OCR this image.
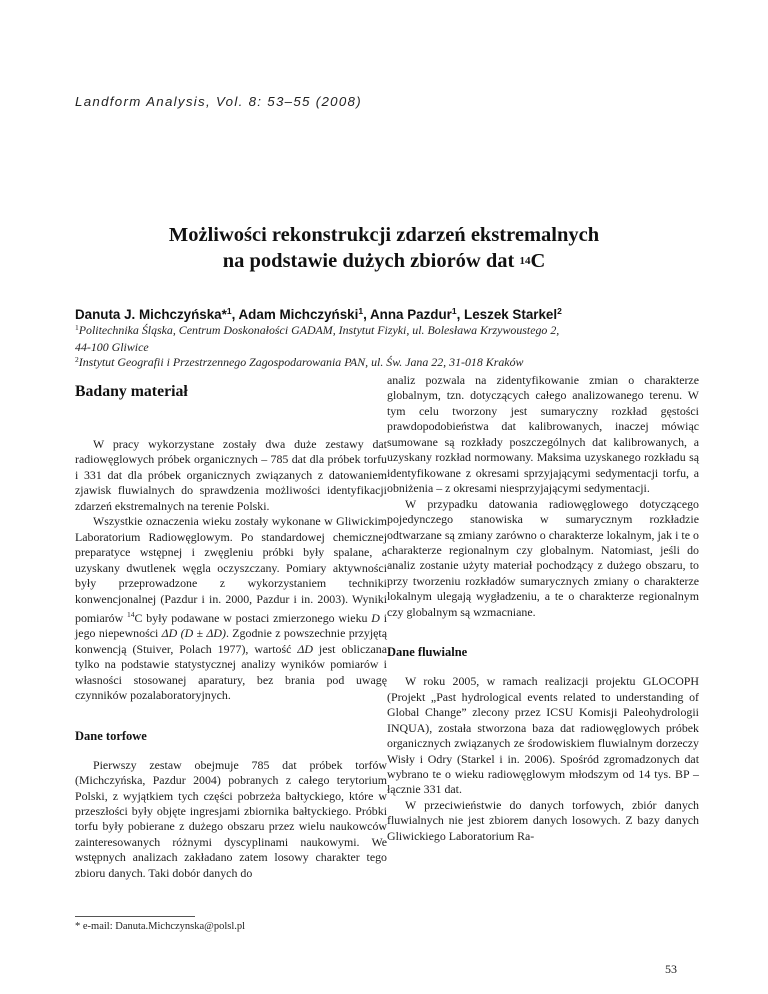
Landform Analysis, Vol. 8: 53–55 (2008)
Możliwości rekonstrukcji zdarzeń ekstremalnych
na podstawie dużych zbiorów dat $^{14}$C
Danuta J. Michczyńska*$^1$, Adam Michczyński$^1$, Anna Pazdur$^1$, Leszek Starkel$^2$
$^1$Politechnika Śląska, Centrum Doskonałości GADAM, Instytut Fizyki, ul. Bolesława Krzywoustego 2,
44-100 Gliwice
$^2$Instytut Geografii i Przestrzennego Zagospodarowania PAN, ul. Św. Jana 22, 31-018 Kraków
Badany materiał

W pracy wykorzystane zostały dwa duże zestawy dat radiowęglowych próbek organicznych – 785 dat dla próbek torfu i 331 dat dla próbek organicznych związanych z datowaniem zjawisk fluwialnych do sprawdzenia możliwości identyfikacji zdarzeń ekstremalnych na terenie Polski.

Wszystkie oznaczenia wieku zostały wykonane w Gliwickim Laboratorium Radiowęglowym. Po standardowej chemicznej preparatyce wstępnej i zwęgleniu próbki były spalane, a uzyskany dwutlenek węgla oczyszczany. Pomiary aktywności były przeprowadzone z wykorzystaniem techniki konwencjonalnej (Pazdur i in. 2000, Pazdur i in. 2003). Wyniki pomiarów $^{14}$C były podawane w postaci zmierzonego wieku D i jego niepewności ΔD (D ± ΔD). Zgodnie z powszechnie przyjętą konwencją (Stuiver, Polach 1977), wartość ΔD jest obliczana tylko na podstawie statystycznej analizy wyników pomiarów i własności stosowanej aparatury, bez brania pod uwagę czynników pozalaboratoryjnych.

Dane torfowe

Pierwszy zestaw obejmuje 785 dat próbek torfów (Michczyńska, Pazdur 2004) pobranych z całego terytorium Polski, z wyjątkiem tych części pobrzeża bałtyckiego, które w przeszłości były objęte ingresjami zbiornika bałtyckiego. Próbki torfu były pobierane z dużego obszaru przez wielu naukowców zainteresowanych różnymi dyscyplinami naukowymi. We wstępnych analizach zakładano zatem losowy charakter tego zbioru danych. Taki dobór danych do

analiz pozwala na zidentyfikowanie zmian o charakterze globalnym, tzn. dotyczących całego analizowanego terenu. W tym celu tworzony jest sumaryczny rozkład gęstości prawdopodobieństwa dat kalibrowanych, inaczej mówiąc sumowane są rozkłady poszczególnych dat kalibrowanych, a uzyskany rozkład normowany. Maksima uzyskanego rozkładu są identyfikowane z okresami sprzyjającymi sedymentacji torfu, a obniżenia – z okresami niesprzyjającymi sedymentacji.

W przypadku datowania radiowęglowego dotyczącego pojedynczego stanowiska w sumarycznym rozkładzie odtwarzane są zmiany zarówno o charakterze lokalnym, jak i te o charakterze regionalnym czy globalnym. Natomiast, jeśli do analiz zostanie użyty materiał pochodzący z dużego obszaru, to przy tworzeniu rozkładów sumarycznych zmiany o charakterze lokalnym ulegają wygładzeniu, a te o charakterze regionalnym czy globalnym są wzmacniane.

Dane fluwialne

W roku 2005, w ramach realizacji projektu GLOCOPH (Projekt „Past hydrological events related to understanding of Global Change” zlecony przez ICSU Komisji Paleohydrologii INQUA), została stworzona baza dat radiowęglowych próbek organicznych związanych ze środowiskiem fluwialnym dorzeczy Wisły i Odry (Starkel i in. 2006). Spośród zgromadzonych dat wybrano te o wieku radiowęglowym młodszym od 14 tys. BP – łącznie 331 dat.

W przeciwieństwie do danych torfowych, zbiór danych fluwialnych nie jest zbiorem danych losowych. Z bazy danych Gliwickiego Laboratorium Ra-

* e-mail: Danuta.Michczynska@polsl.pl
53
